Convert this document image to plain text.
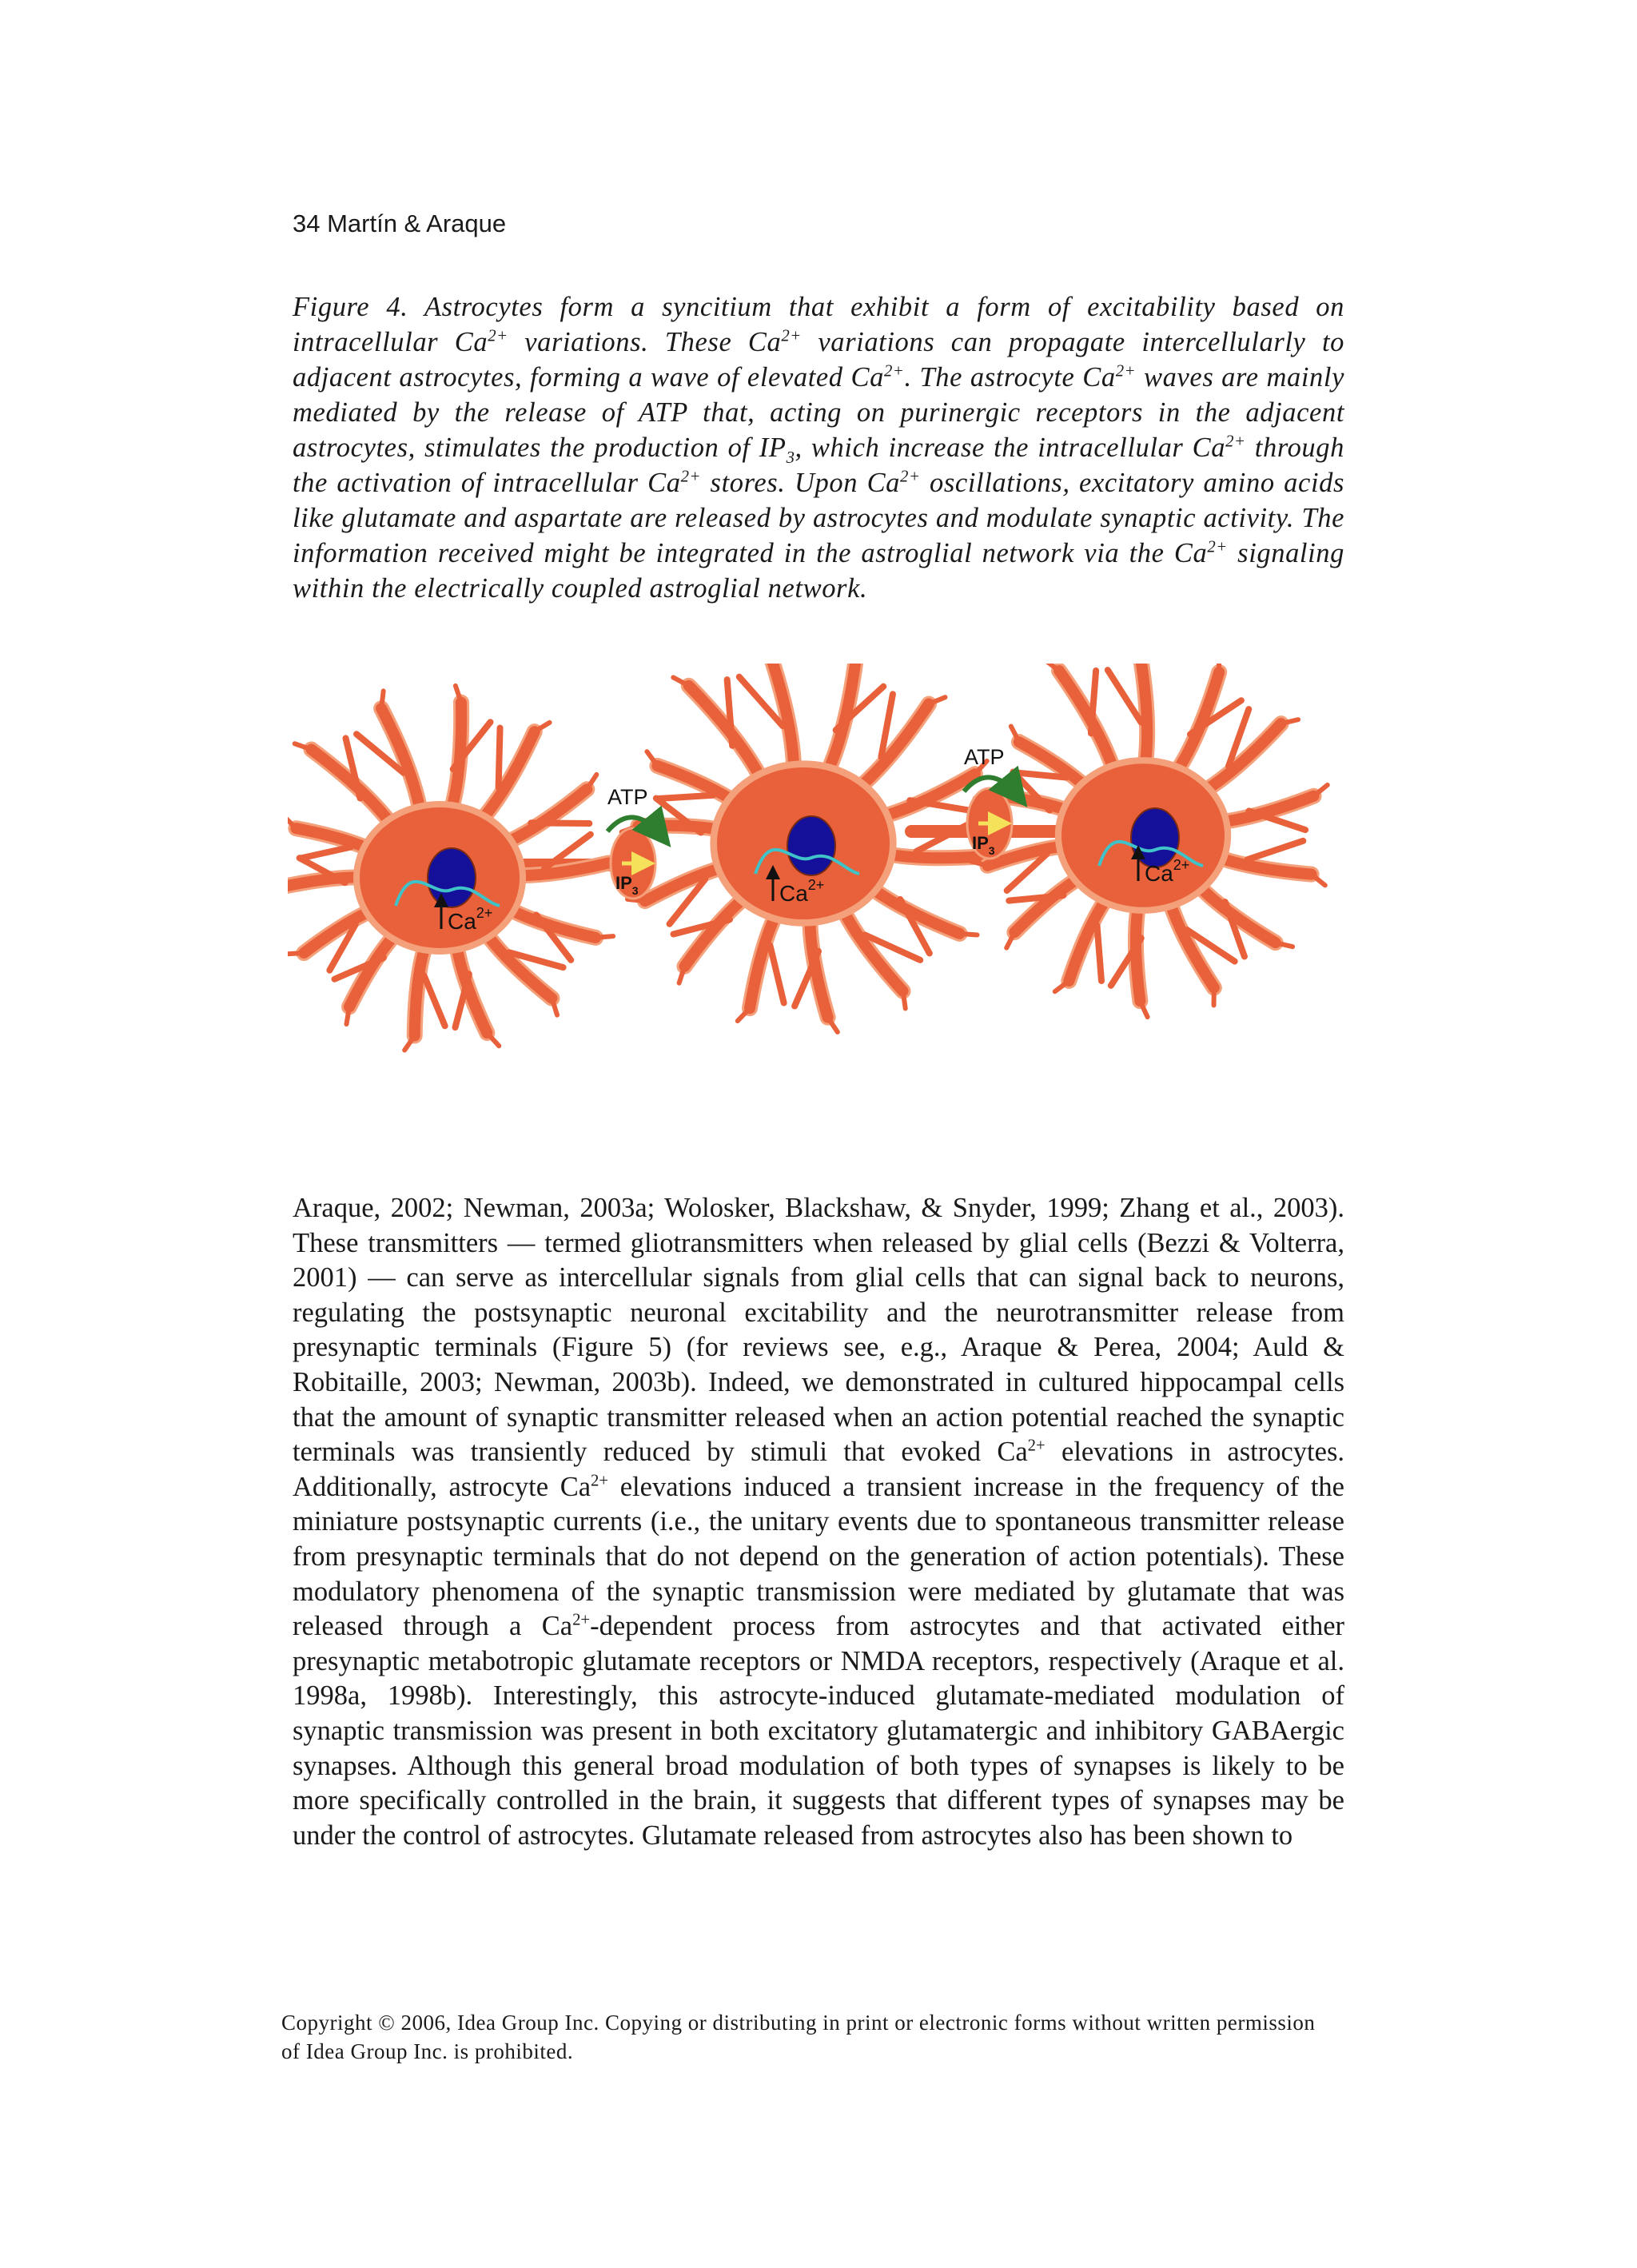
34 Martín & Araque

Figure 4. Astrocytes form a syncitium that exhibit a form of excitability based on intracellular $Ca^{2+}$ variations. These $Ca^{2+}$ variations can propagate intercellularly to adjacent astrocytes, forming a wave of elevated $Ca^{2+}$. The astrocyte $Ca^{2+}$ waves are mainly mediated by the release of ATP that, acting on purinergic receptors in the adjacent astrocytes, stimulates the production of $IP_3$, which increase the intracellular $Ca^{2+}$ through the activation of intracellular $Ca^{2+}$ stores. Upon $Ca^{2+}$ oscillations, excitatory amino acids like glutamate and aspartate are released by astrocytes and modulate synaptic activity. The information received might be integrated in the astroglial network via the $Ca^{2+}$ signaling within the electrically coupled astroglial network.

$Ca^{2+}$
$Ca^{2+}$	$Ca^{2+}$
ATP
$IP_3$
ATP
$IP_3$

Araque, 2002; Newman, 2003a; Wolosker, Blackshaw, & Snyder, 1999; Zhang et al., 2003). These transmitters — termed gliotransmitters when released by glial cells (Bezzi & Volterra, 2001) — can serve as intercellular signals from glial cells that can signal back to neurons, regulating the postsynaptic neuronal excitability and the neurotransmitter release from presynaptic terminals (Figure 5) (for reviews see, e.g., Araque & Perea, 2004; Auld & Robitaille, 2003; Newman, 2003b). Indeed, we demonstrated in cultured hippocampal cells that the amount of synaptic transmitter released when an action potential reached the synaptic terminals was transiently reduced by stimuli that evoked $Ca^{2+}$ elevations in astrocytes. Additionally, astrocyte $Ca^{2+}$ elevations induced a transient increase in the frequency of the miniature postsynaptic currents (i.e., the unitary events due to spontaneous transmitter release from presynaptic terminals that do not depend on the generation of action potentials). These modulatory phenomena of the synaptic transmission were mediated by glutamate that was released through a $Ca^{2+}$-dependent process from astrocytes and that activated either presynaptic metabotropic glutamate receptors or NMDA receptors, respectively (Araque et al. 1998a, 1998b). Interestingly, this astrocyte-induced glutamate-mediated modulation of synaptic transmission was present in both excitatory glutamatergic and inhibitory GABAergic synapses. Although this general broad modulation of both types of synapses is likely to be more specifically controlled in the brain, it suggests that different types of synapses may be under the control of astrocytes. Glutamate released from astrocytes also has been shown to

Copyright © 2006, Idea Group Inc. Copying or distributing in print or electronic forms without written permission of Idea Group Inc. is prohibited.
